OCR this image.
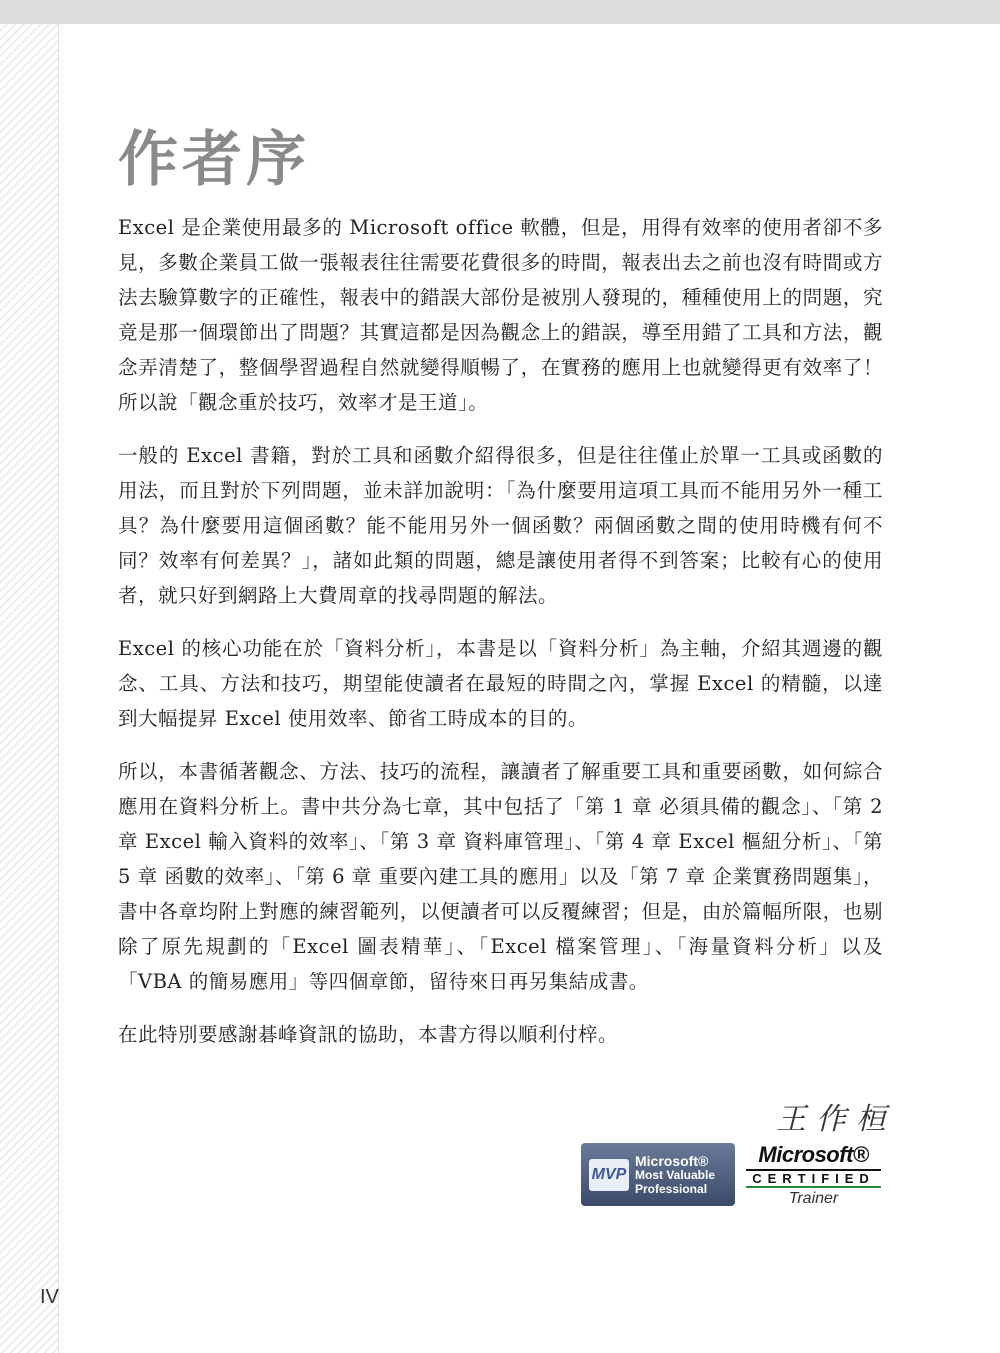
作者序

Excel 是企業使用最多的 Microsoft office 軟體，但是，用得有效率的使用者卻不多見，多數企業員工做一張報表往往需要花費很多的時間，報表出去之前也沒有時間或方法去驗算數字的正確性，報表中的錯誤大部份是被別人發現的，種種使用上的問題，究竟是那一個環節出了問題？其實這都是因為觀念上的錯誤，導至用錯了工具和方法，觀念弄清楚了，整個學習過程自然就變得順暢了，在實務的應用上也就變得更有效率了！所以說「觀念重於技巧，效率才是王道」。

一般的 Excel 書籍，對於工具和函數介紹得很多，但是往往僅止於單一工具或函數的用法，而且對於下列問題，並未詳加說明：「為什麼要用這項工具而不能用另外一種工具？為什麼要用這個函數？能不能用另外一個函數？兩個函數之間的使用時機有何不同？效率有何差異？」，諸如此類的問題，總是讓使用者得不到答案；比較有心的使用者，就只好到網路上大費周章的找尋問題的解法。

Excel 的核心功能在於「資料分析」，本書是以「資料分析」為主軸，介紹其週邊的觀念、工具、方法和技巧，期望能使讀者在最短的時間之內，掌握 Excel 的精髓，以達到大幅提昇 Excel 使用效率、節省工時成本的目的。

所以，本書循著觀念、方法、技巧的流程，讓讀者了解重要工具和重要函數，如何綜合應用在資料分析上。書中共分為七章，其中包括了「第 1 章 必須具備的觀念」、「第 2 章 Excel 輸入資料的效率」、「第 3 章 資料庫管理」、「第 4 章 Excel 樞紐分析」、「第 5 章 函數的效率」、「第 6 章 重要內建工具的應用」以及「第 7 章 企業實務問題集」，書中各章均附上對應的練習範列，以便讀者可以反覆練習；但是，由於篇幅所限，也剔除了原先規劃的「Excel 圖表精華」、「Excel 檔案管理」、「海量資料分析」以及「VBA 的簡易應用」等四個章節，留待來日再另集結成書。

在此特別要感謝碁峰資訊的協助，本書方得以順利付梓。

王作桓
MVP
Microsoft®
Most Valuable
Professional
Microsoft®
CERTIFIED
Trainer
IV
